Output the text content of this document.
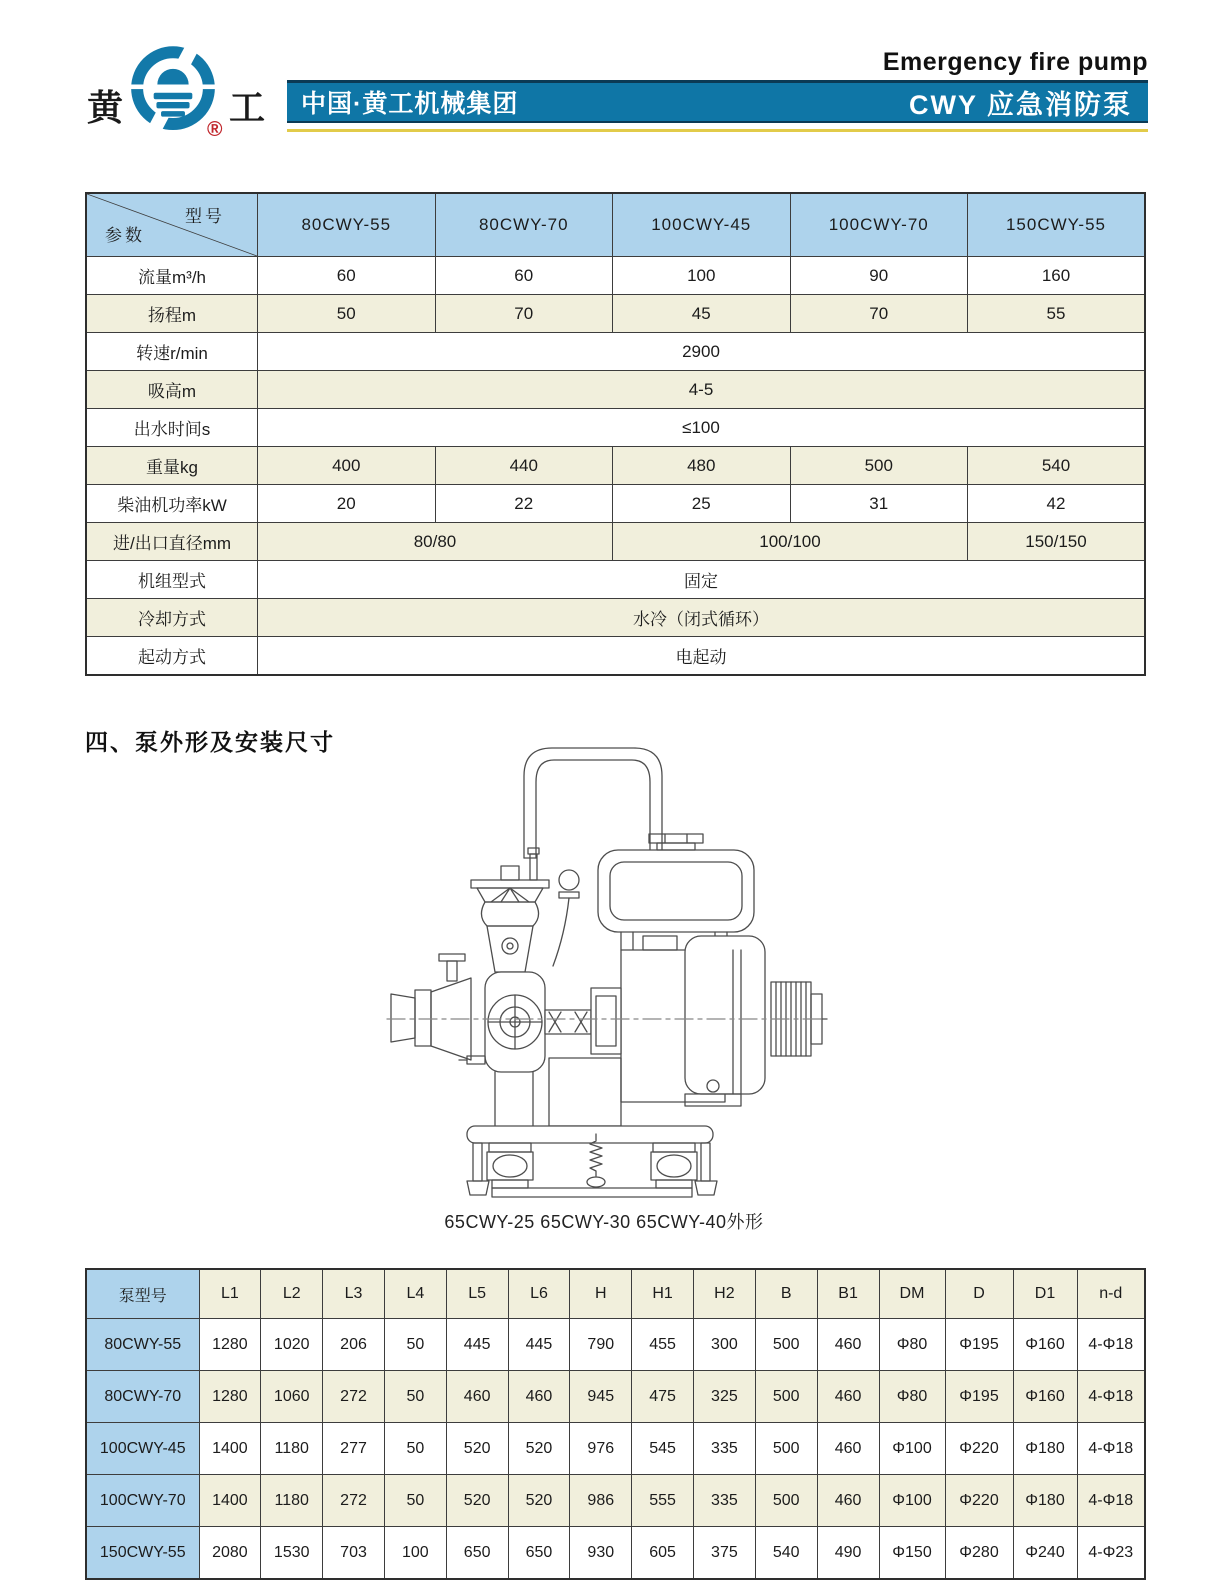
黄	工
®
Emergency fire pump
中国·黄工机械集团	CWY 应急消防泵
型号
参数	80CWY-55	80CWY-70	100CWY-45	100CWY-70	150CWY-55
流量m³/h	60	60	100	90	160
扬程m	50	70	45	70	55
转速r/min	2900				
吸高m	4-5				
出水时间s	≤100				
重量kg	400	440	480	500	540
柴油机功率kW	20	22	25	31	42
进/出口直径mm	80/80		100/100		150/150
机组型式	固定				
冷却方式	水冷（闭式循环）				
起动方式	电起动				
四、泵外形及安装尺寸
65CWY-25 65CWY-30 65CWY-40外形
泵型号	L1	L2	L3	L4	L5	L6	H	H1	H2	B	B1	DM	D	D1	n-d
80CWY-55	1280	1020	206	50	445	445	790	455	300	500	460	Φ80	Φ195	Φ160	4-Φ18
80CWY-70	1280	1060	272	50	460	460	945	475	325	500	460	Φ80	Φ195	Φ160	4-Φ18
100CWY-45	1400	1180	277	50	520	520	976	545	335	500	460	Φ100	Φ220	Φ180	4-Φ18
100CWY-70	1400	1180	272	50	520	520	986	555	335	500	460	Φ100	Φ220	Φ180	4-Φ18
150CWY-55	2080	1530	703	100	650	650	930	605	375	540	490	Φ150	Φ280	Φ240	4-Φ23
